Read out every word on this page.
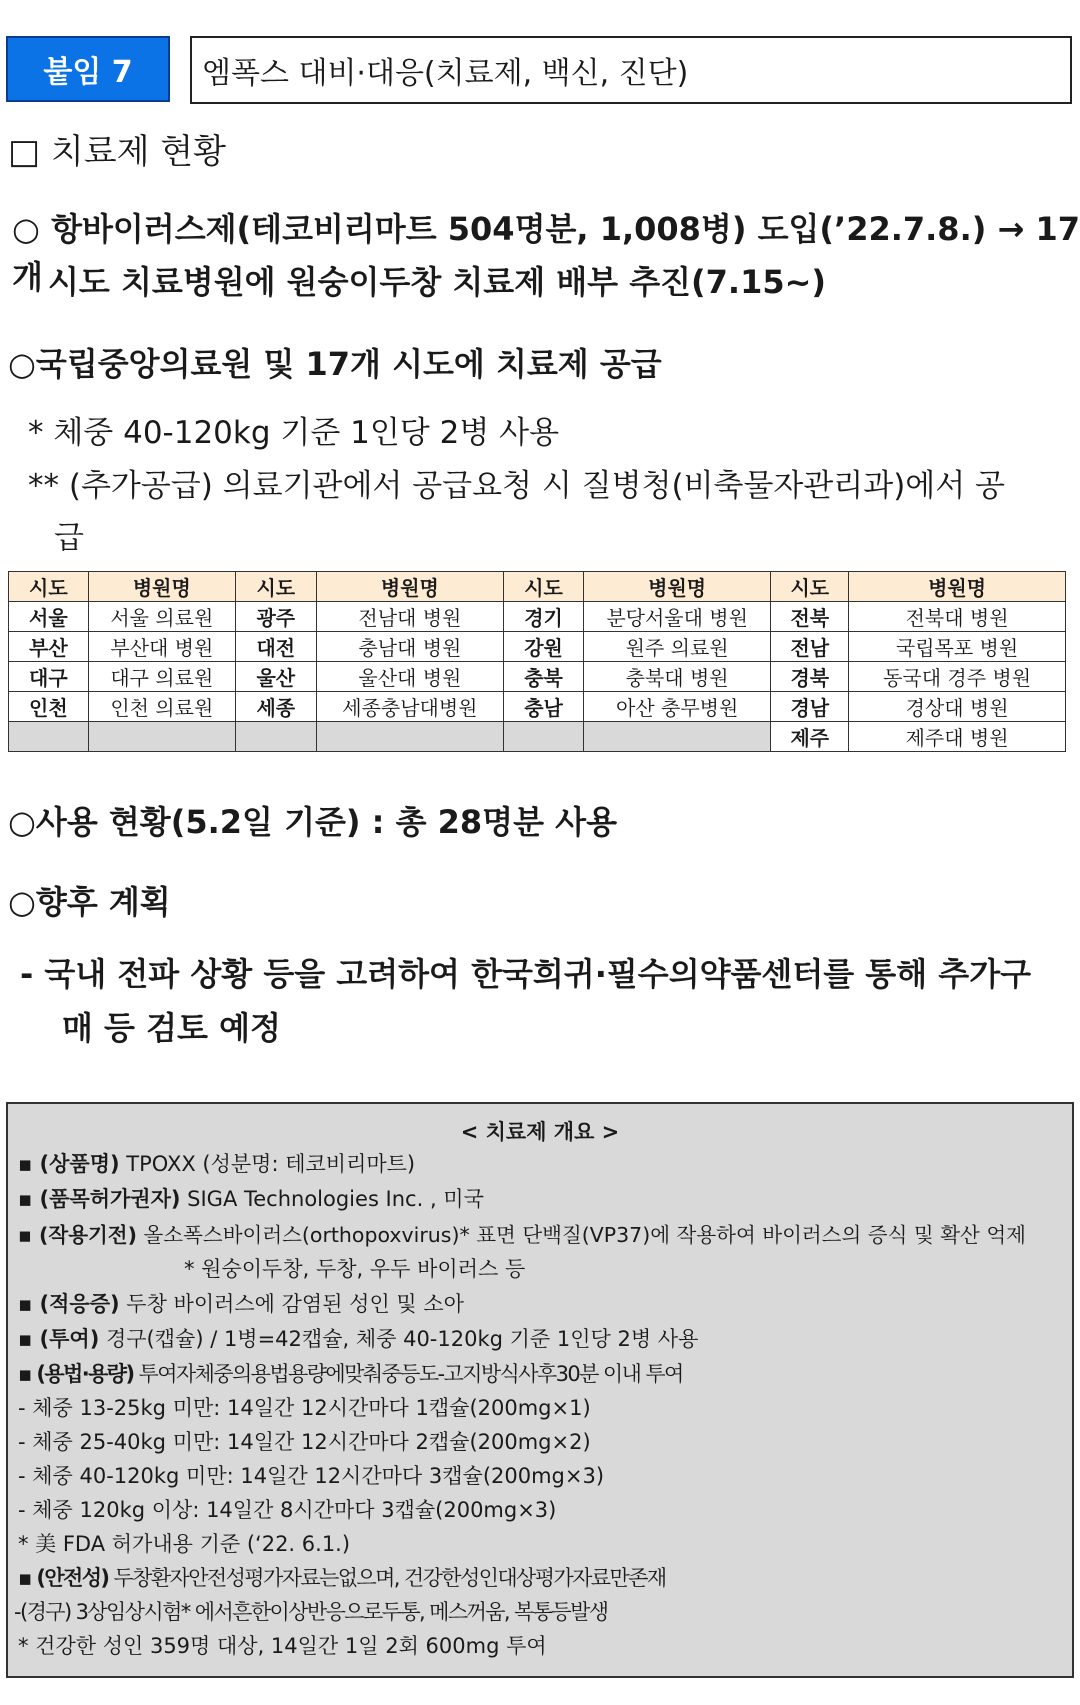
붙임 7	엠폭스 대비·대응(치료제, 백신, 진단)
□ 치료제 현황
○ 항바이러스제(테코비리마트 504명분, 1,008병) 도입(’22.7.8.) → 17개 시도 치료병원에 원숭이두창 치료제 배부 추진(7.15~)
○국립중앙의료원 및 17개 시도에 치료제 공급
* 체중 40-120kg 기준 1인당 2병 사용
** (추가공급) 의료기관에서 공급요청 시 질병청(비축물자관리과)에서 공
급
시도	병원명	시도	병원명	시도	병원명	시도	병원명
서울	서울 의료원	광주	전남대 병원	경기	분당서울대 병원	전북	전북대 병원
부산	부산대 병원	대전	충남대 병원	강원	원주 의료원	전남	국립목포 병원
대구	대구 의료원	울산	울산대 병원	충북	충북대 병원	경북	동국대 경주 병원
인천	인천 의료원	세종	세종충남대병원	충남	아산 충무병원	경남	경상대 병원
						제주	제주대 병원
○사용 현황(5.2일 기준) : 총 28명분 사용
○향후 계획
- 국내 전파 상황 등을 고려하여 한국희귀·필수의약품센터를 통해 추가구
매 등 검토 예정
< 치료제 개요 >
▪ (상품명) TPOXX (성분명: 테코비리마트)
▪ (품목허가권자) SIGA Technologies Inc. , 미국
▪ (작용기전) 올소폭스바이러스(orthopoxvirus)* 표면 단백질(VP37)에 작용하여 바이러스의 증식 및 확산 억제
* 원숭이두창, 두창, 우두 바이러스 등
▪ (적응증) 두창 바이러스에 감염된 성인 및 소아
▪ (투여) 경구(캡슐) / 1병=42캡슐, 체중 40-120kg 기준 1인당 2병 사용
▪ (용법·용량) 투여자체중의용법용량에맞춰중등도-고지방식사후30분 이내 투여
- 체중 13-25kg 미만: 14일간 12시간마다 1캡슐(200mg×1)
- 체중 25-40kg 미만: 14일간 12시간마다 2캡슐(200mg×2)
- 체중 40-120kg 미만: 14일간 12시간마다 3캡슐(200mg×3)
- 체중 120kg 이상: 14일간 8시간마다 3캡슐(200mg×3)
* 美 FDA 허가내용 기준 (‘22. 6.1.)
▪ (안전성) 두창환자안전성평가자료는없으며, 건강한성인대상평가자료만존재
-(경구) 3상임상시험* 에서흔한이상반응으로두통, 메스꺼움, 복통등발생
* 건강한 성인 359명 대상, 14일간 1일 2회 600mg 투여
